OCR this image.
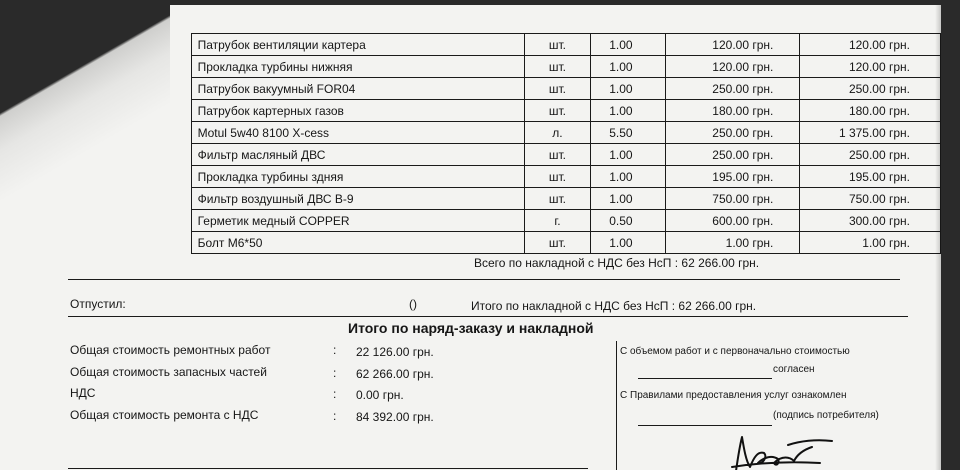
	Патрубок вентиляции картера	шт.	1.00	120.00 грн.	120.00 грн.
	Прокладка турбины нижняя	шт.	1.00	120.00 грн.	120.00 грн.
	Патрубок вакуумный FOR04	шт.	1.00	250.00 грн.	250.00 грн.
	Патрубок картерных газов	шт.	1.00	180.00 грн.	180.00 грн.
	Motul 5w40 8100 X-cess	л.	5.50	250.00 грн.	1 375.00 грн.
	Фильтр масляный ДВС	шт.	1.00	250.00 грн.	250.00 грн.
	Прокладка турбины здняя	шт.	1.00	195.00 грн.	195.00 грн.
	Фильтр воздушный ДВС В-9	шт.	1.00	750.00 грн.	750.00 грн.
	Герметик медный COPPER	г.	0.50	600.00 грн.	300.00 грн.
	Болт М6*50	шт.	1.00	1.00 грн.	1.00 грн.
Всего по накладной с НДС без НсП : 62 266.00 грн.
Отпустил:	()	Итого по накладной с НДС без НсП : 62 266.00 грн.
Итого по наряд-заказу и накладной
Общая стоимость ремонтных работ	: 22 126.00 грн.
Общая стоимость запасных частей	: 62 266.00 грн.
НДС	: 0.00 грн.
Общая стоимость ремонта с НДС	: 84 392.00 грн.
С объемом работ и с первоначально стоимостью
согласен
С Правилами предоставления услуг ознакомлен
(подпись потребителя)
